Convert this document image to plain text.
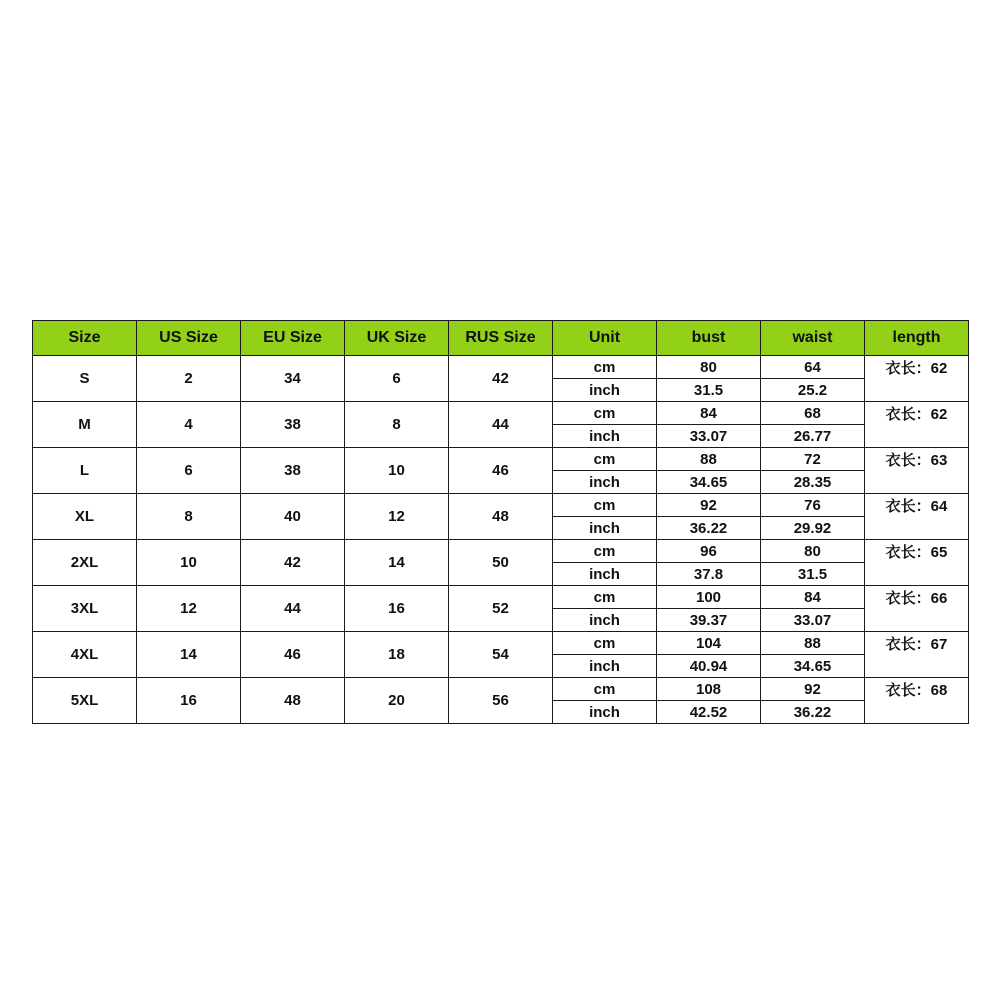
Size	US Size	EU Size	UK Size	RUS Size	Unit	bust	waist	length
S	2	34	6	42	cm	80	64	衣长：62
					inch	31.5	25.2	
M	4	38	8	44	cm	84	68	衣长：62
					inch	33.07	26.77	
L	6	38	10	46	cm	88	72	衣长：63
					inch	34.65	28.35	
XL	8	40	12	48	cm	92	76	衣长：64
					inch	36.22	29.92	
2XL	10	42	14	50	cm	96	80	衣长：65
					inch	37.8	31.5	
3XL	12	44	16	52	cm	100	84	衣长：66
					inch	39.37	33.07	
4XL	14	46	18	54	cm	104	88	衣长：67
					inch	40.94	34.65	
5XL	16	48	20	56	cm	108	92	衣长：68
					inch	42.52	36.22	
